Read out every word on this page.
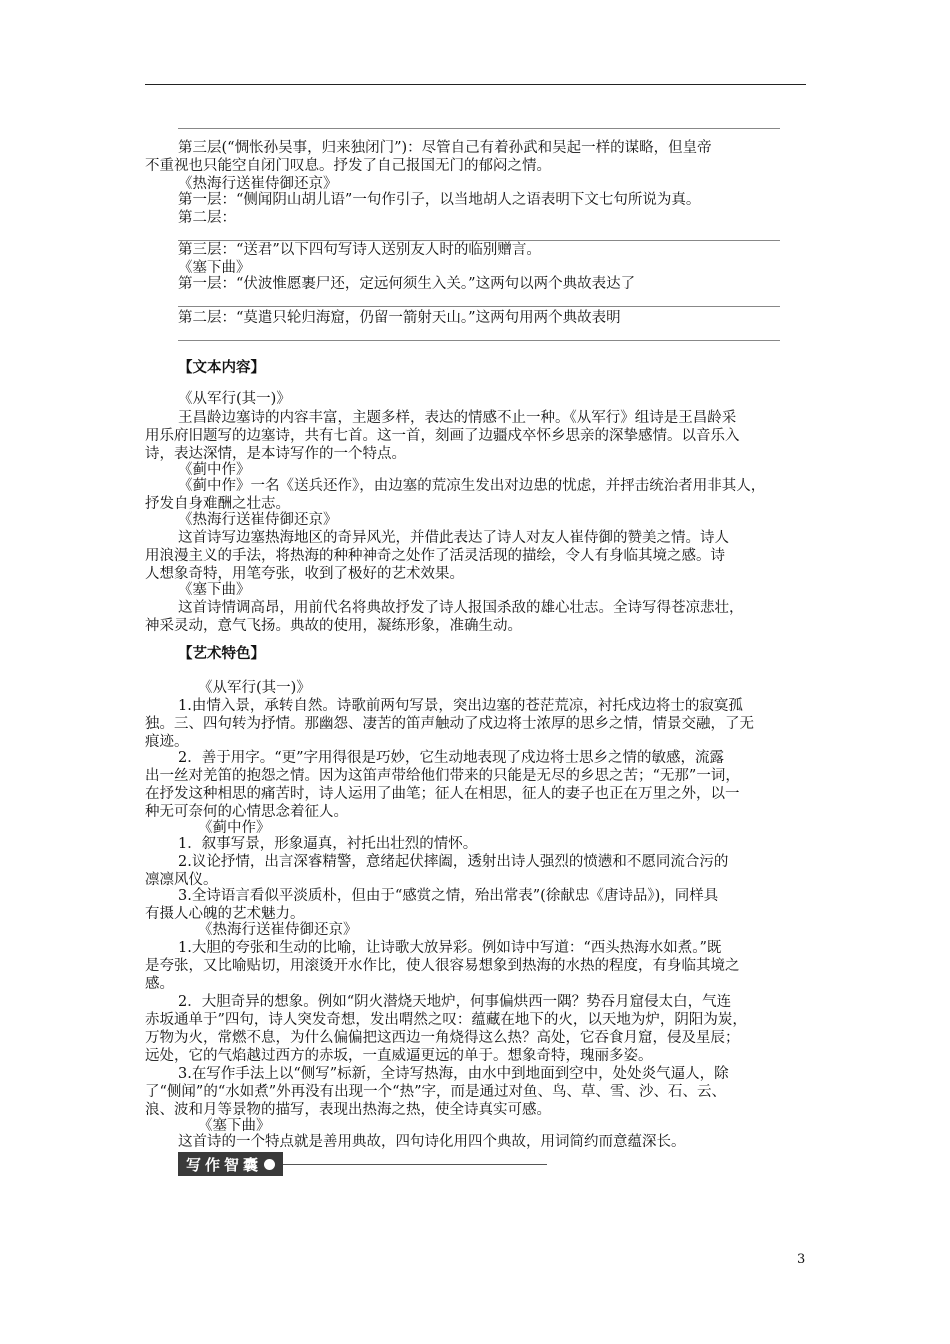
第三层(“惆怅孙吴事，归来独闭门”)：尽管自己有着孙武和吴起一样的谋略，但皇帝
不重视也只能空自闭门叹息。抒发了自己报国无门的郁闷之情。
《热海行送崔侍御还京》
第一层：“侧闻阴山胡儿语”一句作引子，以当地胡人之语表明下文七句所说为真。
第二层：
第三层：“送君”以下四句写诗人送别友人时的临别赠言。
《塞下曲》
第一层：“伏波惟愿裹尸还，定远何须生入关。”这两句以两个典故表达了
第二层：“莫遣只轮归海窟，仍留一箭射天山。”这两句用两个典故表明
【文本内容】
《从军行(其一)》
王昌龄边塞诗的内容丰富，主题多样，表达的情感不止一种。《从军行》组诗是王昌龄采
用乐府旧题写的边塞诗，共有七首。这一首，刻画了边疆戍卒怀乡思亲的深挚感情。以音乐入
诗，表达深情，是本诗写作的一个特点。
《蓟中作》
《蓟中作》一名《送兵还作》，由边塞的荒凉生发出对边患的忧虑，并抨击统治者用非其人，
抒发自身难酬之壮志。
《热海行送崔侍御还京》
这首诗写边塞热海地区的奇异风光，并借此表达了诗人对友人崔侍御的赞美之情。诗人
用浪漫主义的手法，将热海的种种神奇之处作了活灵活现的描绘，令人有身临其境之感。诗
人想象奇特，用笔夸张，收到了极好的艺术效果。
《塞下曲》
这首诗情调高昂，用前代名将典故抒发了诗人报国杀敌的雄心壮志。全诗写得苍凉悲壮，
神采灵动，意气飞扬。典故的使用，凝练形象，准确生动。
【艺术特色】
《从军行(其一)》
1.由情入景，承转自然。诗歌前两句写景，突出边塞的苍茫荒凉，衬托戍边将士的寂寞孤
独。三、四句转为抒情。那幽怨、凄苦的笛声触动了戍边将士浓厚的思乡之情，情景交融，了无
痕迹。
2．善于用字。“更”字用得很是巧妙，它生动地表现了戍边将士思乡之情的敏感，流露
出一丝对羌笛的抱怨之情。因为这笛声带给他们带来的只能是无尽的乡思之苦；“无那”一词，
在抒发这种相思的痛苦时，诗人运用了曲笔；征人在相思，征人的妻子也正在万里之外，以一
种无可奈何的心情思念着征人。
《蓟中作》
1．叙事写景，形象逼真，衬托出壮烈的情怀。
2.议论抒情，出言深睿精警，意绪起伏摔阖，透射出诗人强烈的愤懑和不愿同流合污的
凛凛风仪。
3.全诗语言看似平淡质朴，但由于“感赏之情，殆出常表”(徐献忠《唐诗品》)，同样具
有摄人心魄的艺术魅力。
《热海行送崔侍御还京》
1.大胆的夸张和生动的比喻，让诗歌大放异彩。例如诗中写道：“西头热海水如煮。”既
是夸张，又比喻贴切，用滚烫开水作比，使人很容易想象到热海的水热的程度，有身临其境之
感。
2．大胆奇异的想象。例如“阴火潜烧天地炉，何事偏烘西一隅？势吞月窟侵太白，气连
赤坂通单于”四句，诗人突发奇想，发出喟然之叹：蕴藏在地下的火，以天地为炉，阴阳为炭，
万物为火，常燃不息，为什么偏偏把这西边一角烧得这么热？高处，它吞食月窟，侵及星辰；
远处，它的气焰越过西方的赤坂，一直威逼更远的单于。想象奇特，瑰丽多姿。
3.在写作手法上以“侧写”标新，全诗写热海，由水中到地面到空中，处处炎气逼人，除
了“侧闻”的“水如煮”外再没有出现一个“热”字，而是通过对鱼、鸟、草、雪、沙、石、云、
浪、波和月等景物的描写，表现出热海之热，使全诗真实可感。
《塞下曲》
这首诗的一个特点就是善用典故，四句诗化用四个典故，用词简约而意蕴深长。
写作智囊
3
